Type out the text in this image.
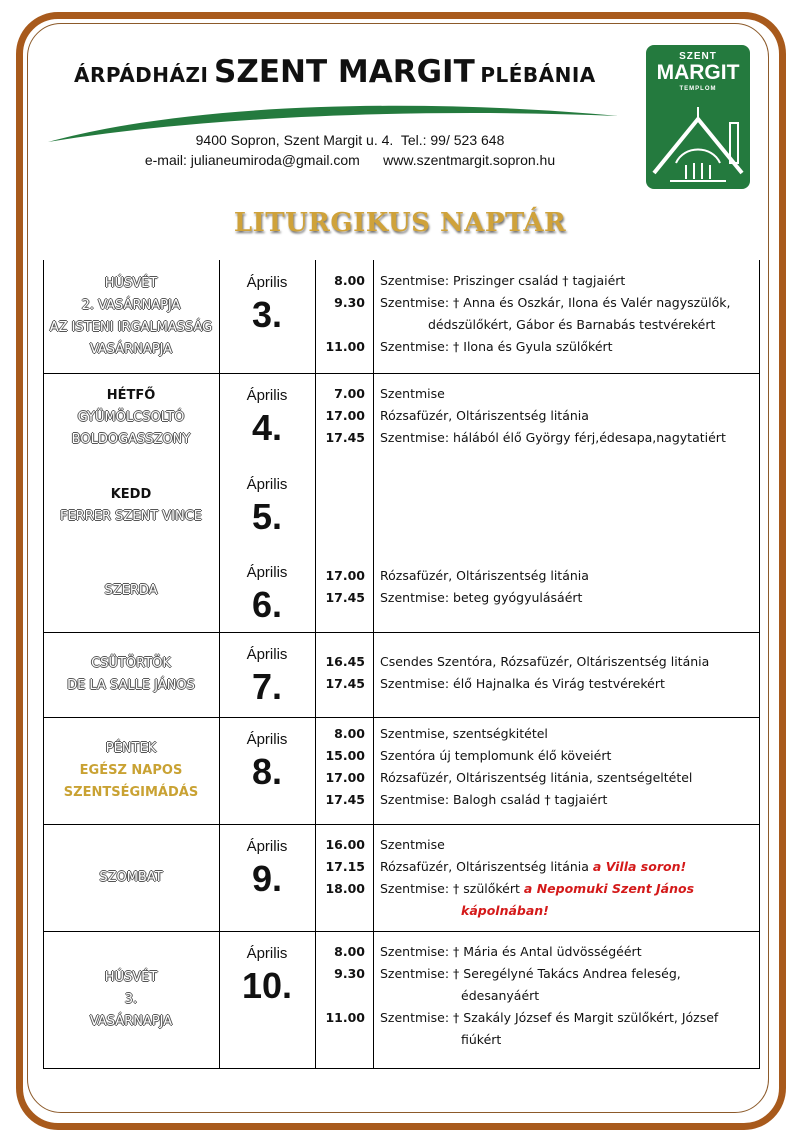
ÁRPÁDHÁZI SZENT MARGIT PLÉBÁNIA
9400 Sopron, Szent Margit u. 4.  Tel.: 99/ 523 648
e-mail: julianeumiroda@gmail.com      www.szentmargit.sopron.hu
SZENT
MARGIT
TEMPLOM
LITURGIKUS NAPTÁR
HÚSVÉT
2. VASÁRNAPJA
AZ ISTENI IRGALMASSÁG
VASÁRNAPJA
Április
3.
8.00 Szentmise: Priszinger család † tagjaiért
9.30 Szentmise: † Anna és Oszkár, Ilona és Valér nagyszülők,
dédszülőkért, Gábor és Barnabás testvérekért
11.00 Szentmise: † Ilona és Gyula szülőkért
HÉTFŐ
GYÜMÖLCSOLTÓ
BOLDOGASSZONY
Április
4.
7.00 Szentmise
17.00 Rózsafüzér, Oltáriszentség litánia
17.45 Szentmise: hálából élő György férj,édesapa,nagytatiért
KEDD
FERRER SZENT VINCE
Április
5.
SZERDA
Április
6.
17.00 Rózsafüzér, Oltáriszentség litánia
17.45 Szentmise: beteg gyógyulásáért
CSÜTÖRTÖK
DE LA SALLE JÁNOS
Április
7.
16.45 Csendes Szentóra, Rózsafüzér, Oltáriszentség litánia
17.45 Szentmise: élő Hajnalka és Virág testvérekért
PÉNTEK
EGÉSZ NAPOS
SZENTSÉGIMÁDÁS
Április
8.
8.00 Szentmise, szentségkitétel
15.00 Szentóra új templomunk élő köveiért
17.00 Rózsafüzér, Oltáriszentség litánia, szentségeltétel
17.45 Szentmise: Balogh család † tagjaiért
SZOMBAT
Április
9.
16.00 Szentmise
17.15 Rózsafüzér, Oltáriszentség litánia a Villa soron!
18.00 Szentmise: † szülőkért a Nepomuki Szent János
kápolnában!
HÚSVÉT
3.
VASÁRNAPJA
Április
10.
8.00 Szentmise: † Mária és Antal üdvösségéért
9.30 Szentmise: † Seregélyné Takács Andrea feleség,
édesanyáért
11.00 Szentmise: † Szakály József és Margit szülőkért, József
fiúkért
